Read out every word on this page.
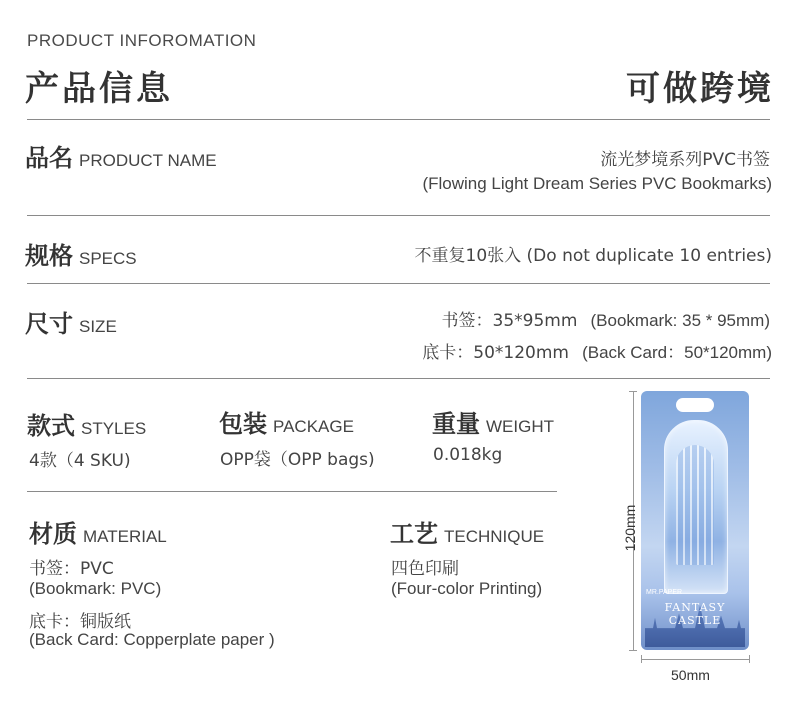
PRODUCT INFOROMATION
产品信息	可做跨境
品名 PRODUCT NAME	流光梦境系列PVC书签
(Flowing Light Dream Series PVC Bookmarks)
规格 SPECS	不重复10张入 (Do not duplicate 10 entries)
尺寸 SIZE	书签：35*95mm (Bookmark: 35 * 95mm)
底卡：50*120mm (Back Card：50*120mm)
款式 STYLES
4款（4 SKU)
包装 PACKAGE
OPP袋（OPP bags)
重量 WEIGHT
0.018kg
材质 MATERIAL
书签：PVC
(Bookmark: PVC)
底卡：铜版纸
(Back Card: Copperplate paper )
工艺 TECHNIQUE
四色印刷
(Four-color Printing)	MR.PAPER
FANTASY CASTLE
120mm
50mm
